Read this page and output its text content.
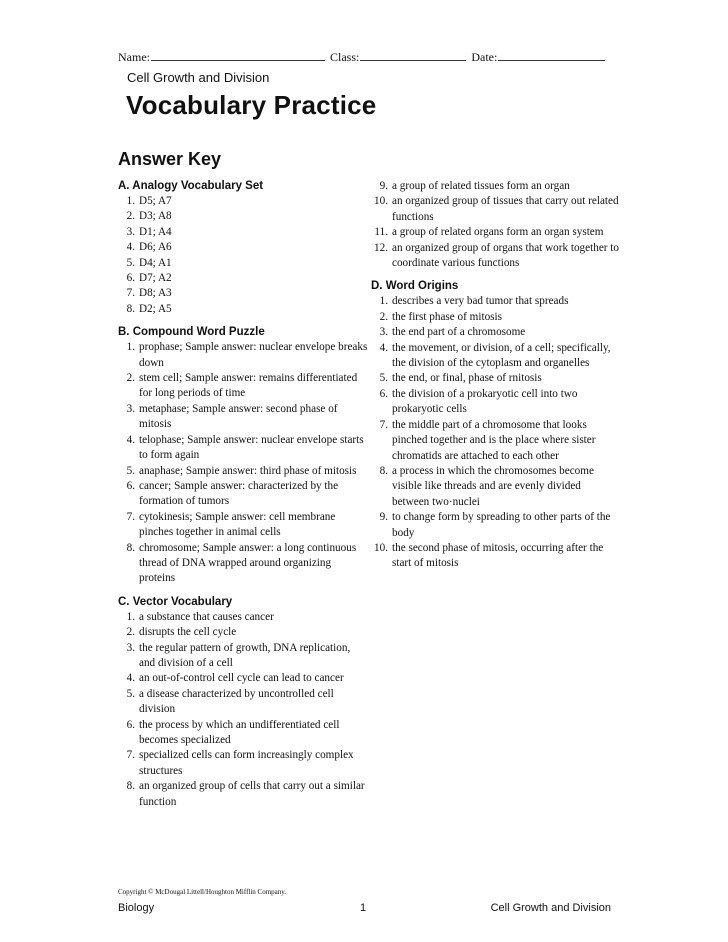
Name:	Class:	Date:
Cell Growth and Division
Vocabulary Practice
Answer Key

A. Analogy Vocabulary Set

1. D5; A7
2. D3; A8
3. D1; A4
4. D6; A6
5. D4; A1
6. D7; A2
7. D8; A3
8. D2; A5

B. Compound Word Puzzle

1. prophase; Sample answer: nuclear envelope breaks down
2. stem cell; Sample answer: remains differentiated for long periods of time
3. metaphase; Sample answer: second phase of mitosis
4. telophase; Sample answer: nuclear envelope starts to form again
5. anaphase; Sampie answer: third phase of mitosis
6. cancer; Sample answer: characterized by the formation of tumors
7. cytokinesis; Sample answer: cell membrane pinches together in animal cells
8. chromosome; Sample answer: a long continuous thread of DNA wrapped around organizing proteins

C. Vector Vocabulary

1. a substance that causes cancer
2. disrupts the cell cycle
3. the regular pattern of growth, DNA replication, and division of a cell
4. an out-of-control cell cycle can lead to cancer
5. a disease characterized by uncontrolled cell division
6. the process by which an undifferentiated cell becomes specialized
7. specialized cells can form increasingly complex structures
8. an organized group of cells that carry out a similar function
9. a group of related tissues form an organ
10. an organized group of tissues that carry out related functions
11. a group of related organs form an organ system
12. an organized group of organs that work together to coordinate various functions

D. Word Origins

1. describes a very bad tumor that spreads
2. the first phase of mitosis
3. the end part of a chromosome
4. the movement, or division, of a cell; specifically, the division of the cytoplasm and organelles
5. the end, or final, phase of rnitosis
6. the division of a prokaryotic cell into two prokaryotic cells
7. the middle part of a chromosome that looks pinched together and is the place where sister chromatids are attached to each other
8. a process in which the chromosomes become visible like threads and are evenly divided between two·nuclei
9. to change form by spreading to other parts of the body
10. the second phase of mitosis, occurring after the start of mitosis
Copyright © McDougal Littell/Houghton Mifflin Company.
Biology	1	Cell Growth and Division
